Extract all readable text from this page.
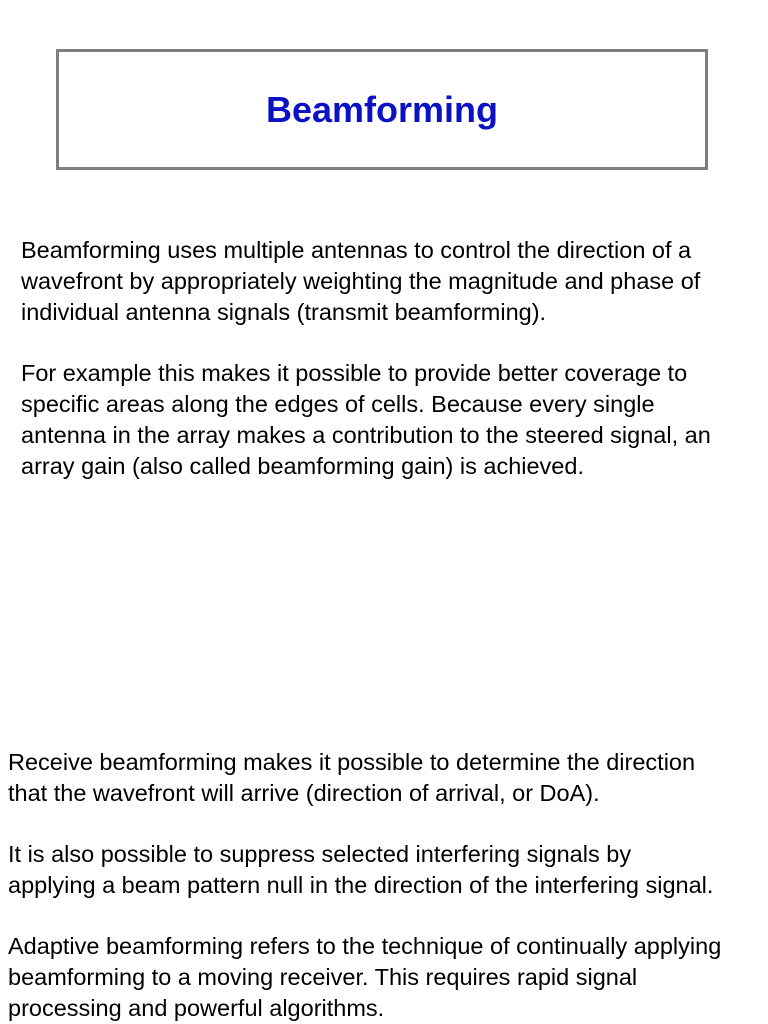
Beamforming

Beamforming uses multiple antennas to control the direction of a
wavefront by appropriately weighting the magnitude and phase of
individual antenna signals (transmit beamforming).

For example this makes it possible to provide better coverage to
specific areas along the edges of cells. Because every single
antenna in the array makes a contribution to the steered signal, an
array gain (also called beamforming gain) is achieved.

Receive beamforming makes it possible to determine the direction
that the wavefront will arrive (direction of arrival, or DoA).

It is also possible to suppress selected interfering signals by
applying a beam pattern null in the direction of the interfering signal.

Adaptive beamforming refers to the technique of continually applying
beamforming to a moving receiver. This requires rapid signal
processing and powerful algorithms.
